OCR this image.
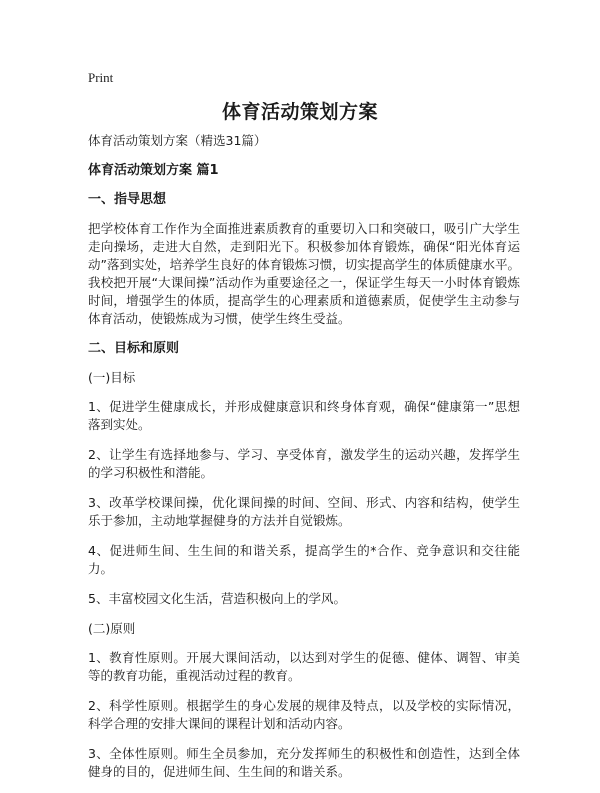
Print
体育活动策划方案

体育活动策划方案（精选31篇）

体育活动策划方案 篇1

一、指导思想

把学校体育工作作为全面推进素质教育的重要切入口和突破口，吸引广大学生走向操场，走进大自然，走到阳光下。积极参加体育锻炼，确保“阳光体育运动”落到实处，培养学生良好的体育锻炼习惯，切实提高学生的体质健康水平。我校把开展“大课间操”活动作为重要途径之一，保证学生每天一小时体育锻炼时间，增强学生的体质，提高学生的心理素质和道德素质，促使学生主动参与体育活动，使锻炼成为习惯，使学生终生受益。

二、目标和原则

(一)目标

1、促进学生健康成长，并形成健康意识和终身体育观，确保“健康第一”思想落到实处。

2、让学生有选择地参与、学习、享受体育，激发学生的运动兴趣，发挥学生的学习积极性和潜能。

3、改革学校课间操，优化课间操的时间、空间、形式、内容和结构，使学生乐于参加，主动地掌握健身的方法并自觉锻炼。

4、促进师生间、生生间的和谐关系，提高学生的*合作、竞争意识和交往能力。

5、丰富校园文化生活，营造积极向上的学风。

(二)原则

1、教育性原则。开展大课间活动，以达到对学生的促德、健体、调智、审美等的教育功能，重视活动过程的教育。

2、科学性原则。根据学生的身心发展的规律及特点，以及学校的实际情况，科学合理的安排大课间的课程计划和活动内容。

3、全体性原则。师生全员参加，充分发挥师生的积极性和创造性，达到全体健身的目的，促进师生间、生生间的和谐关系。
